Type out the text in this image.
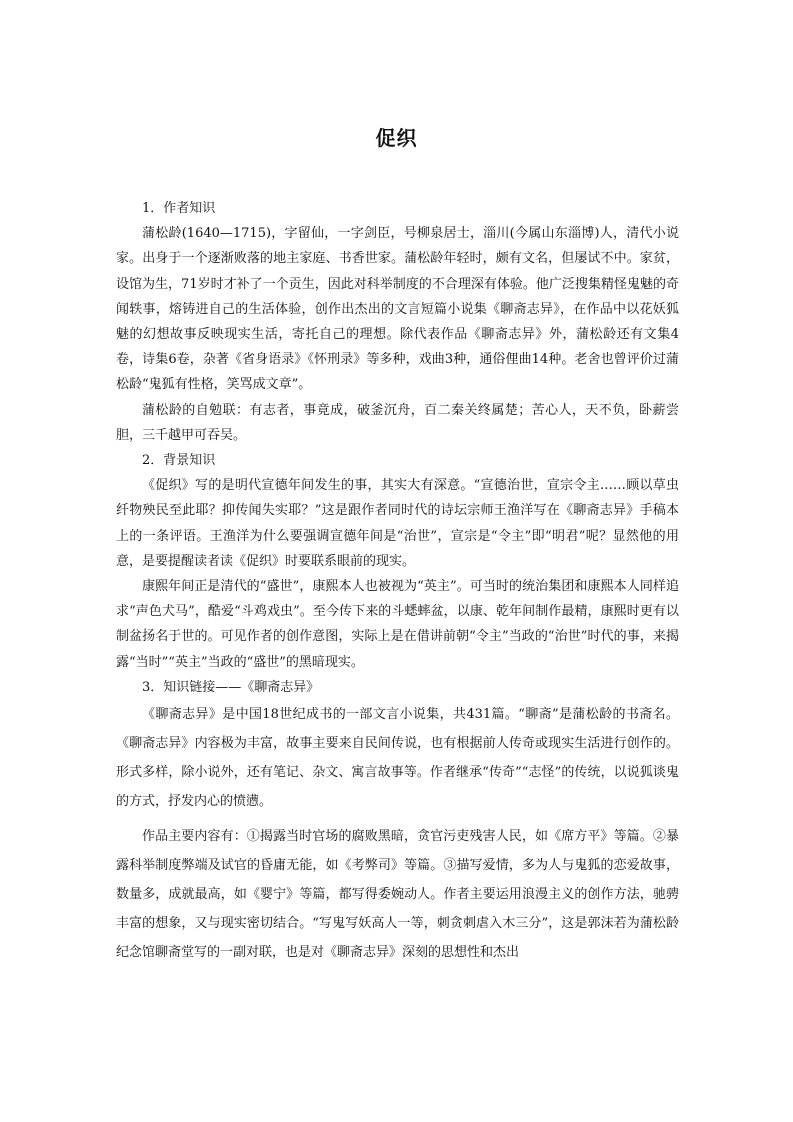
促织

1．作者知识

蒲松龄(1640—1715)，字留仙，一字剑臣，号柳泉居士，淄川(今属山东淄博)人，清代小说家。出身于一个逐渐败落的地主家庭、书香世家。蒲松龄年轻时，颇有文名，但屡试不中。家贫，设馆为生，71岁时才补了一个贡生，因此对科举制度的不合理深有体验。他广泛搜集精怪鬼魅的奇闻轶事，熔铸进自己的生活体验，创作出杰出的文言短篇小说集《聊斋志异》，在作品中以花妖狐魅的幻想故事反映现实生活，寄托自己的理想。除代表作品《聊斋志异》外，蒲松龄还有文集4卷，诗集6卷，杂著《省身语录》《怀刑录》等多种，戏曲3种，通俗俚曲14种。老舍也曾评价过蒲松龄“鬼狐有性格，笑骂成文章”。

蒲松龄的自勉联：有志者，事竟成，破釜沉舟，百二秦关终属楚；苦心人，天不负，卧薪尝胆，三千越甲可吞吴。

2．背景知识

《促织》写的是明代宣德年间发生的事，其实大有深意。“宣德治世，宣宗令主……顾以草虫纤物殃民至此耶？抑传闻失实耶？”这是跟作者同时代的诗坛宗师王渔洋写在《聊斋志异》手稿本上的一条评语。王渔洋为什么要强调宣德年间是“治世”，宣宗是“令主”即“明君”呢？显然他的用意，是要提醒读者读《促织》时要联系眼前的现实。

康熙年间正是清代的“盛世”，康熙本人也被视为“英主”。可当时的统治集团和康熙本人同样追求“声色犬马”，酷爱“斗鸡戏虫”。至今传下来的斗蟋蟀盆，以康、乾年间制作最精，康熙时更有以制盆扬名于世的。可见作者的创作意图，实际上是在借讲前朝“令主”当政的“治世”时代的事，来揭露“当时”“英主”当政的“盛世”的黑暗现实。

3．知识链接——《聊斋志异》

《聊斋志异》是中国18世纪成书的一部文言小说集，共431篇。“聊斋”是蒲松龄的书斋名。《聊斋志异》内容极为丰富，故事主要来自民间传说，也有根据前人传奇或现实生活进行创作的。形式多样，除小说外，还有笔记、杂文、寓言故事等。作者继承“传奇”“志怪”的传统，以说狐谈鬼的方式，抒发内心的愤懑。

作品主要内容有：①揭露当时官场的腐败黑暗，贪官污吏残害人民，如《席方平》等篇。②暴露科举制度弊端及试官的昏庸无能，如《考弊司》等篇。③描写爱情，多为人与鬼狐的恋爱故事，数量多，成就最高，如《婴宁》等篇，都写得委婉动人。作者主要运用浪漫主义的创作方法，驰骋丰富的想象，又与现实密切结合。“写鬼写妖高人一等，刺贪刺虐入木三分”，这是郭沫若为蒲松龄纪念馆聊斋堂写的一副对联，也是对《聊斋志异》深刻的思想性和杰出
